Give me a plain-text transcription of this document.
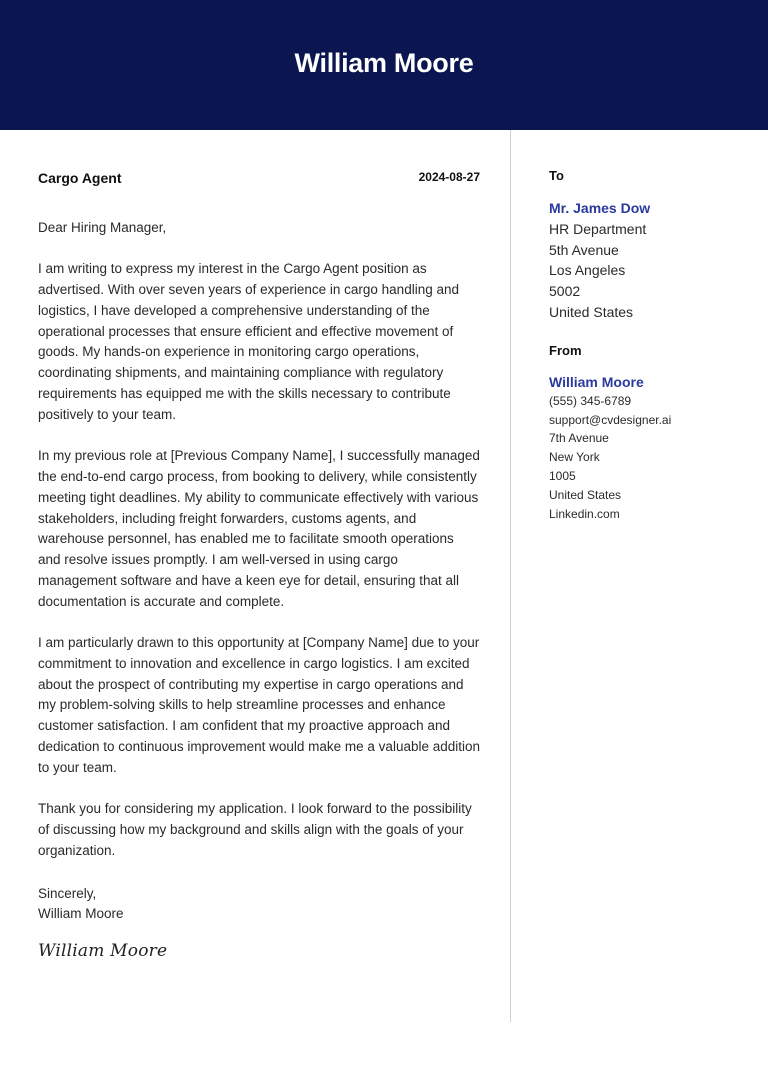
William Moore
Cargo Agent	2024-08-27

Dear Hiring Manager,

I am writing to express my interest in the Cargo Agent position as advertised. With over seven years of experience in cargo handling and logistics, I have developed a comprehensive understanding of the operational processes that ensure efficient and effective movement of goods. My hands-on experience in monitoring cargo operations, coordinating shipments, and maintaining compliance with regulatory requirements has equipped me with the skills necessary to contribute positively to your team.

In my previous role at [Previous Company Name], I successfully managed the end-to-end cargo process, from booking to delivery, while consistently meeting tight deadlines. My ability to communicate effectively with various stakeholders, including freight forwarders, customs agents, and warehouse personnel, has enabled me to facilitate smooth operations and resolve issues promptly. I am well-versed in using cargo management software and have a keen eye for detail, ensuring that all documentation is accurate and complete.

I am particularly drawn to this opportunity at [Company Name] due to your commitment to innovation and excellence in cargo logistics. I am excited about the prospect of contributing my expertise in cargo operations and my problem-solving skills to help streamline processes and enhance customer satisfaction. I am confident that my proactive approach and dedication to continuous improvement would make me a valuable addition to your team.

Thank you for considering my application. I look forward to the possibility of discussing how my background and skills align with the goals of your organization.

Sincerely,

William Moore

William Moore

To

Mr. James Dow

HR Department

5th Avenue

Los Angeles

5002

United States

From

William Moore

(555) 345-6789

support@cvdesigner.ai

7th Avenue

New York

1005

United States

Linkedin.com
